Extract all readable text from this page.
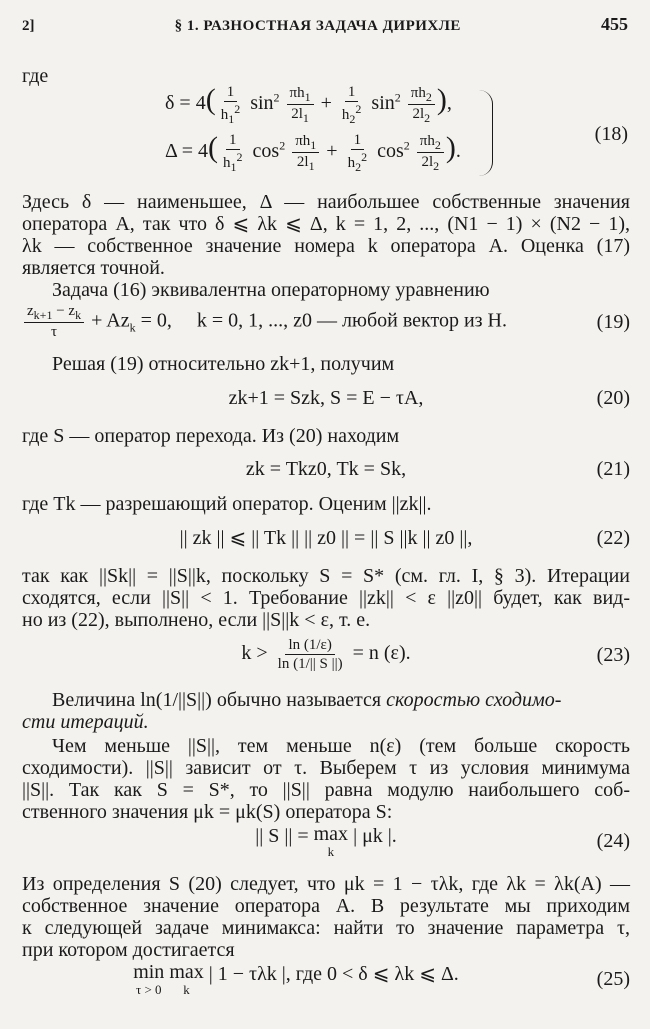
2]	§ 1. РАЗНОСТНАЯ ЗАДАЧА ДИРИХЛЕ	455
где
$\delta = 4( \frac{1}{h_1^2} \sin^2 \frac{\pi h_1}{2l_1} + \frac{1}{h_2^2} \sin^2 \frac{\pi h_2}{2l_2}$ ),
$\Delta = 4( \frac{1}{h_1^2} \cos^2 \frac{\pi h_1}{2l_1} + \frac{1}{h_2^2} \cos^2 \frac{\pi h_2}{2l_2}$ ).
(18)
Здесь δ — наименьшее, Δ — наибольшее собственные значения
оператора A, так что δ ⩽ λk ⩽ Δ, k = 1, 2, ..., (N1 − 1) × (N2 − 1),
λk — собственное значение номера k оператора A. Оценка (17)
является точной.
Задача (16) эквивалентна операторному уравнению
$\frac{z_{k+1} - z_k}{\tau} + Az_k = 0$,     k = 0, 1, ..., z0 — любой вектор из H.	(19)
Решая (19) относительно zk+1, получим
zk+1 = Szk, S = E − τA,	(20)
где S — оператор перехода. Из (20) находим
zk = Tkz0, Tk = Sk,	(21)
где Tk — разрешающий оператор. Оценим ||zk||.
|| zk || ⩽ || Tk || || z0 || = || S ||k || z0 ||,	(22)
так как ||Sk|| = ||S||k, поскольку S = S* (см. гл. I, § 3). Итерации
сходятся, если ||S|| < 1. Требование ||zk|| < ε ||z0|| будет, как вид-
но из (22), выполнено, если ||S||k < ε, т. е.
$k > \frac{\ln (1/\varepsilon)}{\ln (1/|| S ||)} = n$ (ε).	(23)
Величина ln(1/||S||) обычно называется скоростью сходимо-
сти итераций.
Чем меньше ||S||, тем меньше n(ε) (тем больше скорость
сходимости). ||S|| зависит от τ. Выберем τ из условия минимума
||S||. Так как S = S*, то ||S|| равна модулю наибольшего соб-
ственного значения μk = μk(S) оператора S:
|| S || = max
k
| μk |.	(24)
Из определения S (20) следует, что μk = 1 − τλk, где λk = λk(A) —
собственное значение оператора A. В результате мы приходим
к следующей задаче минимакса: найти то значение параметра τ,
при котором достигается
min
τ > 0

max
k
| 1 − τλk |, где 0 < δ ⩽ λk ⩽ Δ.	(25)
